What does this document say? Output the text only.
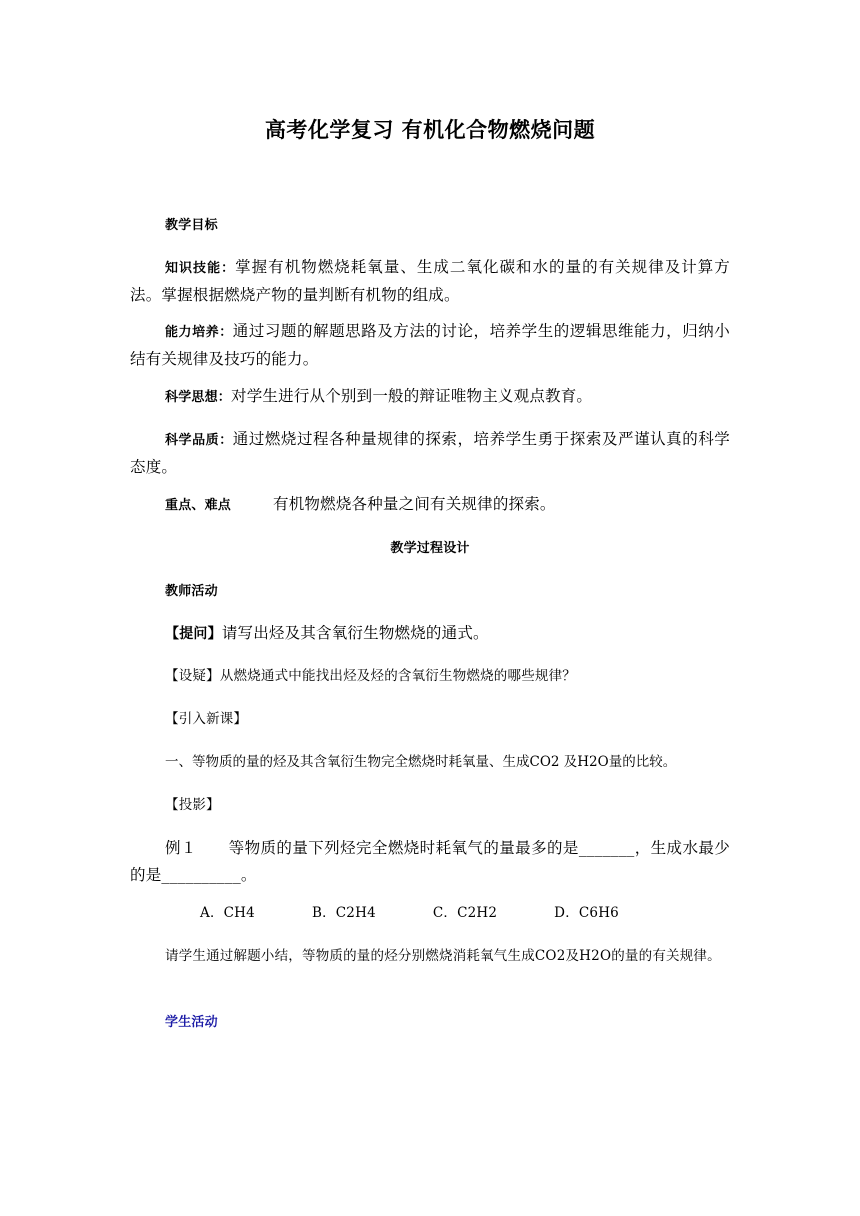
高考化学复习 有机化合物燃烧问题
教学目标
知识技能：掌握有机物燃烧耗氧量、生成二氧化碳和水的量的有关规律及计算方法。掌握根据燃烧产物的量判断有机物的组成。
能力培养：通过习题的解题思路及方法的讨论，培养学生的逻辑思维能力，归纳小结有关规律及技巧的能力。
科学思想：对学生进行从个别到一般的辩证唯物主义观点教育。
科学品质：通过燃烧过程各种量规律的探索，培养学生勇于探索及严谨认真的科学态度。
重点、难点	有机物燃烧各种量之间有关规律的探索。
教学过程设计
教师活动
【提问】请写出烃及其含氧衍生物燃烧的通式。
【设疑】从燃烧通式中能找出烃及烃的含氧衍生物燃烧的哪些规律？
【引入新课】
一、等物质的量的烃及其含氧衍生物完全燃烧时耗氧量、生成CO2 及H2O量的比较。
【投影】
例１　　等物质的量下列烃完全燃烧时耗氧气的量最多的是_______，生成水最少的是__________。
A．CH4	B．C2H4	C．C2H2	D．C6H6
请学生通过解题小结，等物质的量的烃分别燃烧消耗氧气生成CO2及H2O的量的有关规律。
学生活动
